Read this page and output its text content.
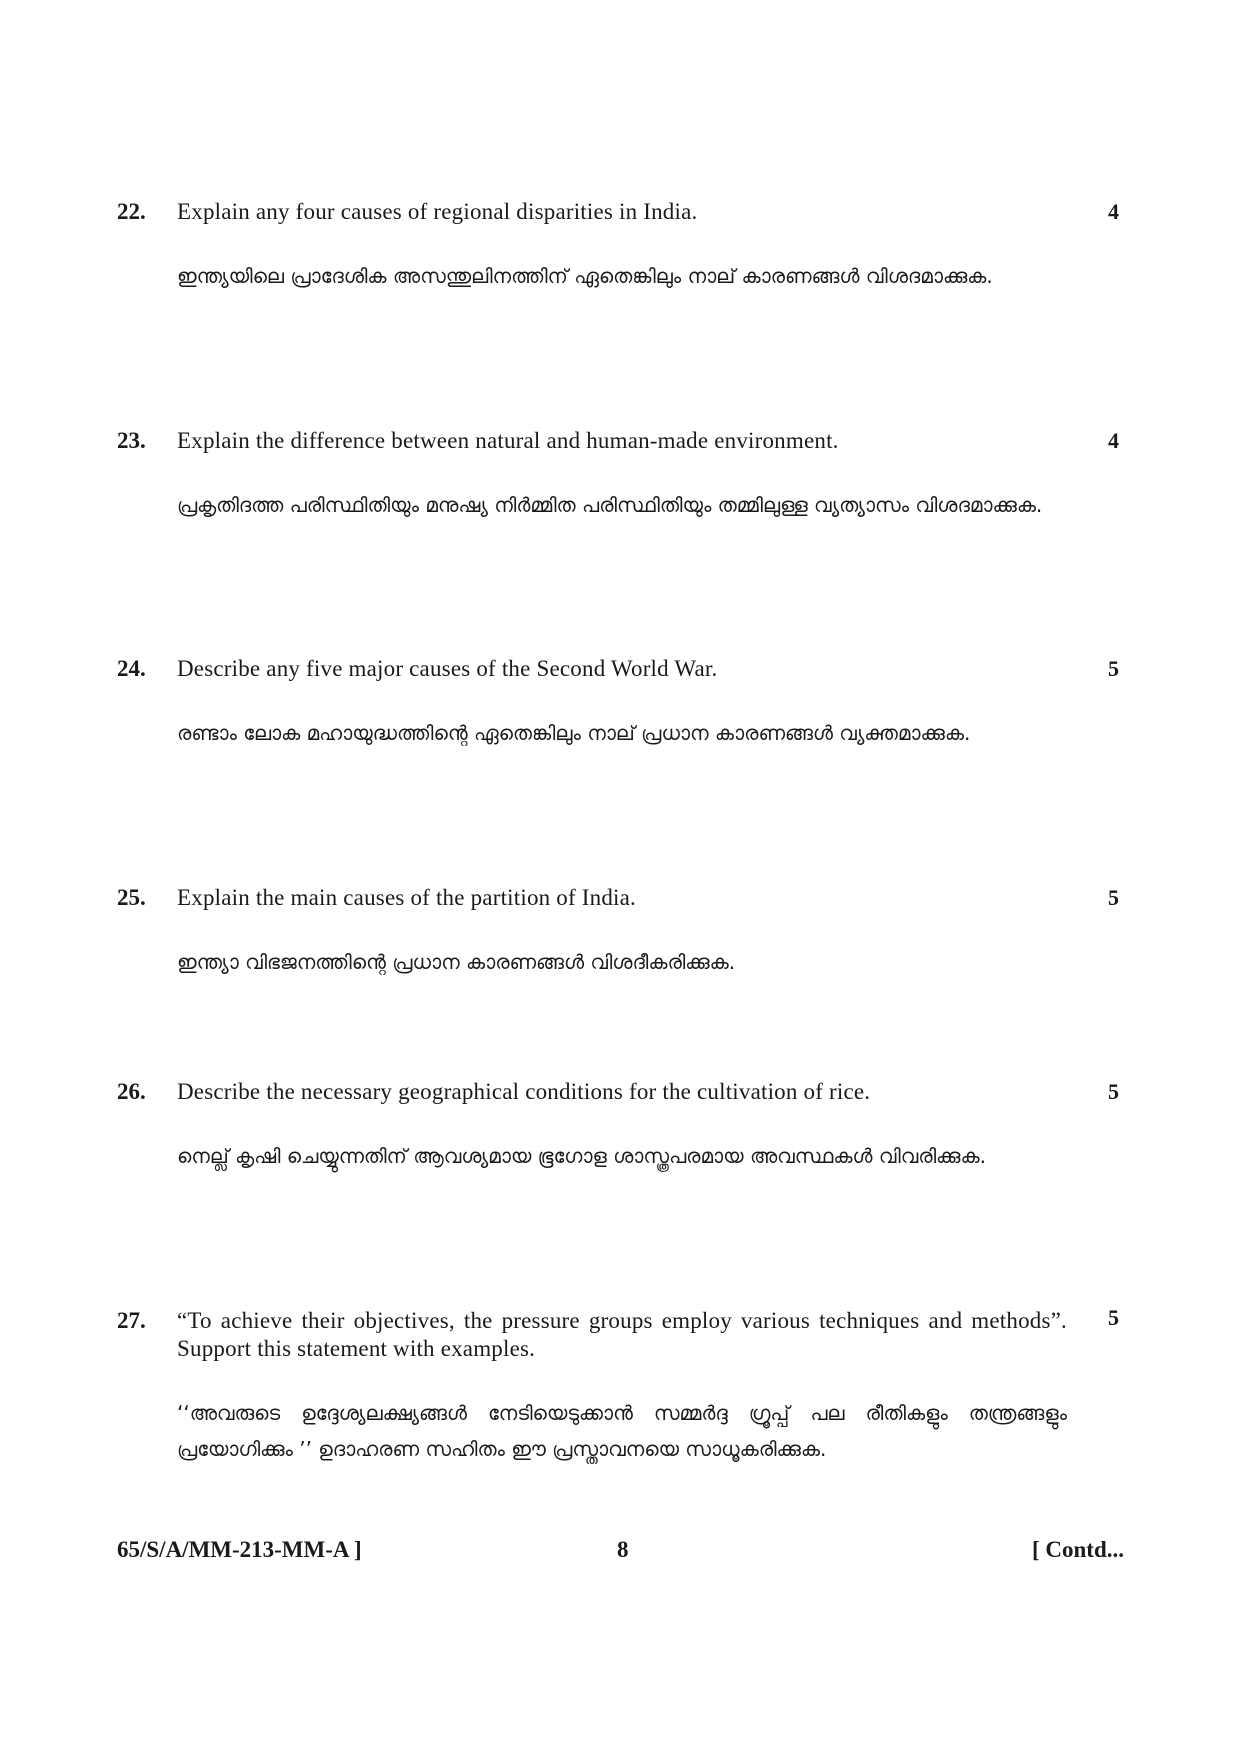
22. Explain any four causes of regional disparities in India.	4
ഇന്ത്യയിലെ പ്രാദേശിക അസന്തുലിനത്തിന് ഏതെങ്കിലും നാല് കാരണങ്ങൾ വിശദമാക്കുക.
23. Explain the difference between natural and human-made environment.	4
പ്രകൃതിദത്ത പരിസ്ഥിതിയും മനുഷ്യ നിർമ്മിത പരിസ്ഥിതിയും തമ്മിലുള്ള വ്യത്യാസം വിശദമാക്കുക.
24. Describe any five major causes of the Second World War.	5
രണ്ടാം ലോക മഹായുദ്ധത്തിന്റെ ഏതെങ്കിലും നാല് പ്രധാന കാരണങ്ങൾ വ്യക്തമാക്കുക.
25. Explain the main causes of the partition of India.	5
ഇന്ത്യാ വിഭജനത്തിന്റെ പ്രധാന കാരണങ്ങൾ വിശദീകരിക്കുക.
26. Describe the necessary geographical conditions for the cultivation of rice.	5
നെല്ല് കൃഷി ചെയ്യുന്നതിന് ആവശ്യമായ ഭൂഗോള ശാസ്ത്രപരമായ അവസ്ഥകൾ വിവരിക്കുക.
27. “To achieve their objectives, the pressure groups employ various techniques and methods”. Support this statement with examples.
5
‘‘അവരുടെ ഉദ്ദേശ്യലക്ഷ്യങ്ങൾ നേടിയെടുക്കാൻ സമ്മർദ്ദ ഗ്രൂപ്പ് പല രീതികളും തന്ത്രങ്ങളും പ്രയോഗിക്കും ’’ ഉദാഹരണ സഹിതം ഈ പ്രസ്താവനയെ സാധൂകരിക്കുക.
65/S/A/MM-213-MM-A ]	8	[ Contd...
